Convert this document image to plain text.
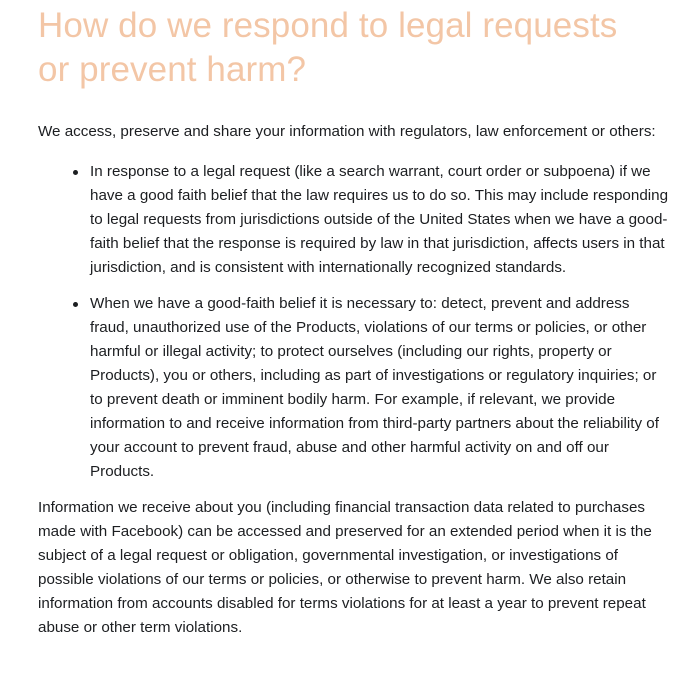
How do we respond to legal requests or prevent harm?

We access, preserve and share your information with regulators, law enforcement or others:

In response to a legal request (like a search warrant, court order or subpoena) if we have a good faith belief that the law requires us to do so. This may include responding to legal requests from jurisdictions outside of the United States when we have a good-faith belief that the response is required by law in that jurisdiction, affects users in that jurisdiction, and is consistent with internationally recognized standards.
When we have a good-faith belief it is necessary to: detect, prevent and address fraud, unauthorized use of the Products, violations of our terms or policies, or other harmful or illegal activity; to protect ourselves (including our rights, property or Products), you or others, including as part of investigations or regulatory inquiries; or to prevent death or imminent bodily harm. For example, if relevant, we provide information to and receive information from third-party partners about the reliability of your account to prevent fraud, abuse and other harmful activity on and off our Products.

Information we receive about you (including financial transaction data related to purchases made with Facebook) can be accessed and preserved for an extended period when it is the subject of a legal request or obligation, governmental investigation, or investigations of possible violations of our terms or policies, or otherwise to prevent harm. We also retain information from accounts disabled for terms violations for at least a year to prevent repeat abuse or other term violations.
